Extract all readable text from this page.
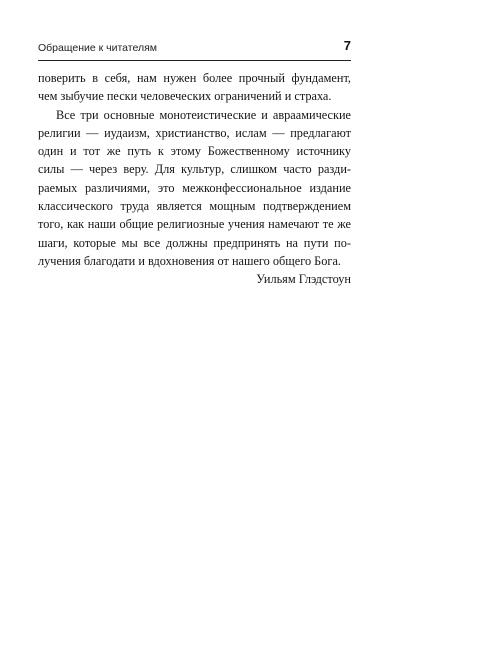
Обращение к читателям	7
поверить в себя, нам нужен более прочный фундамент,
чем зыбучие пески человеческих ограничений и страха.
Все три основные монотеистические и авраамические
религии — иудаизм, христианство, ислам — предлагают
один и тот же путь к этому Божественному источнику
силы — через веру. Для культур, слишком часто разди-
раемых различиями, это межконфессиональное издание
классического труда является мощным подтверждением
того, как наши общие религиозные учения намечают те же
шаги, которые мы все должны предпринять на пути по-
лучения благодати и вдохновения от нашего общего Бога.
Уильям Глэдстоун
